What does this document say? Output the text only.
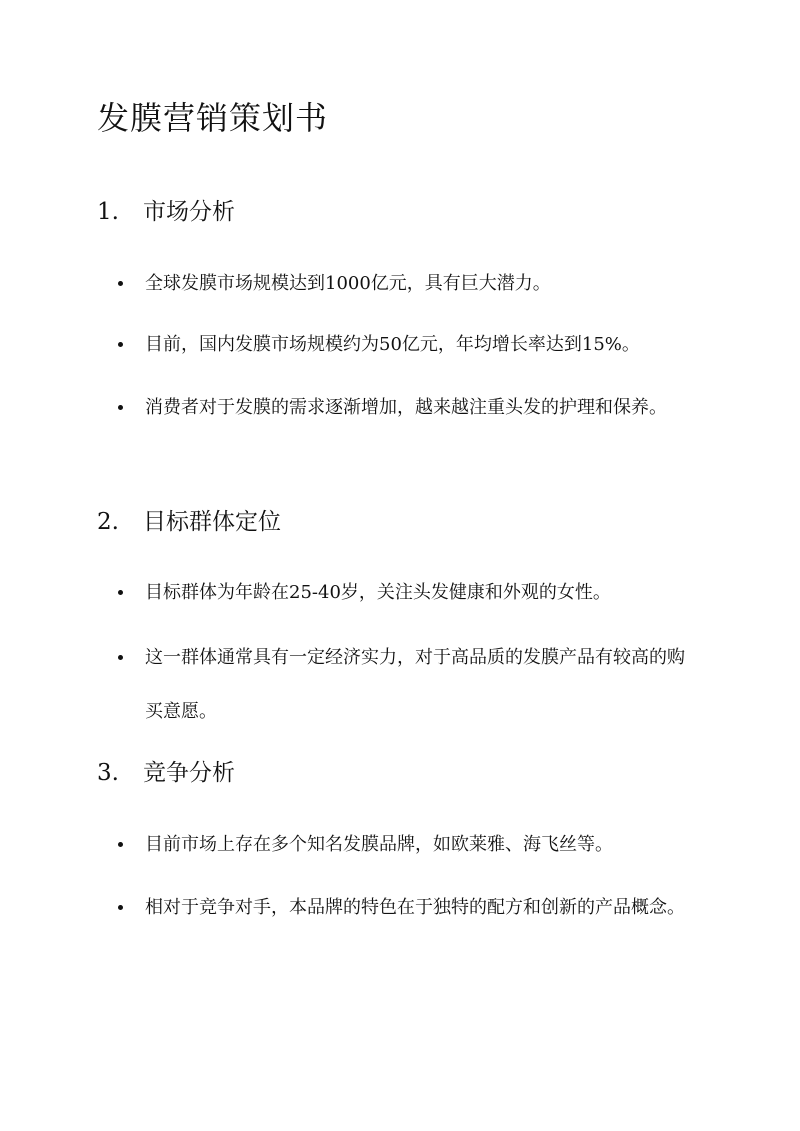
发膜营销策划书
1. 市场分析
全球发膜市场规模达到1000亿元，具有巨大潜力。
目前，国内发膜市场规模约为50亿元，年均增长率达到15%。
消费者对于发膜的需求逐渐增加，越来越注重头发的护理和保养。
2. 目标群体定位
目标群体为年龄在25-40岁，关注头发健康和外观的女性。
这一群体通常具有一定经济实力，对于高品质的发膜产品有较高的购买意愿。
3. 竞争分析
目前市场上存在多个知名发膜品牌，如欧莱雅、海飞丝等。
相对于竞争对手，本品牌的特色在于独特的配方和创新的产品概念。
